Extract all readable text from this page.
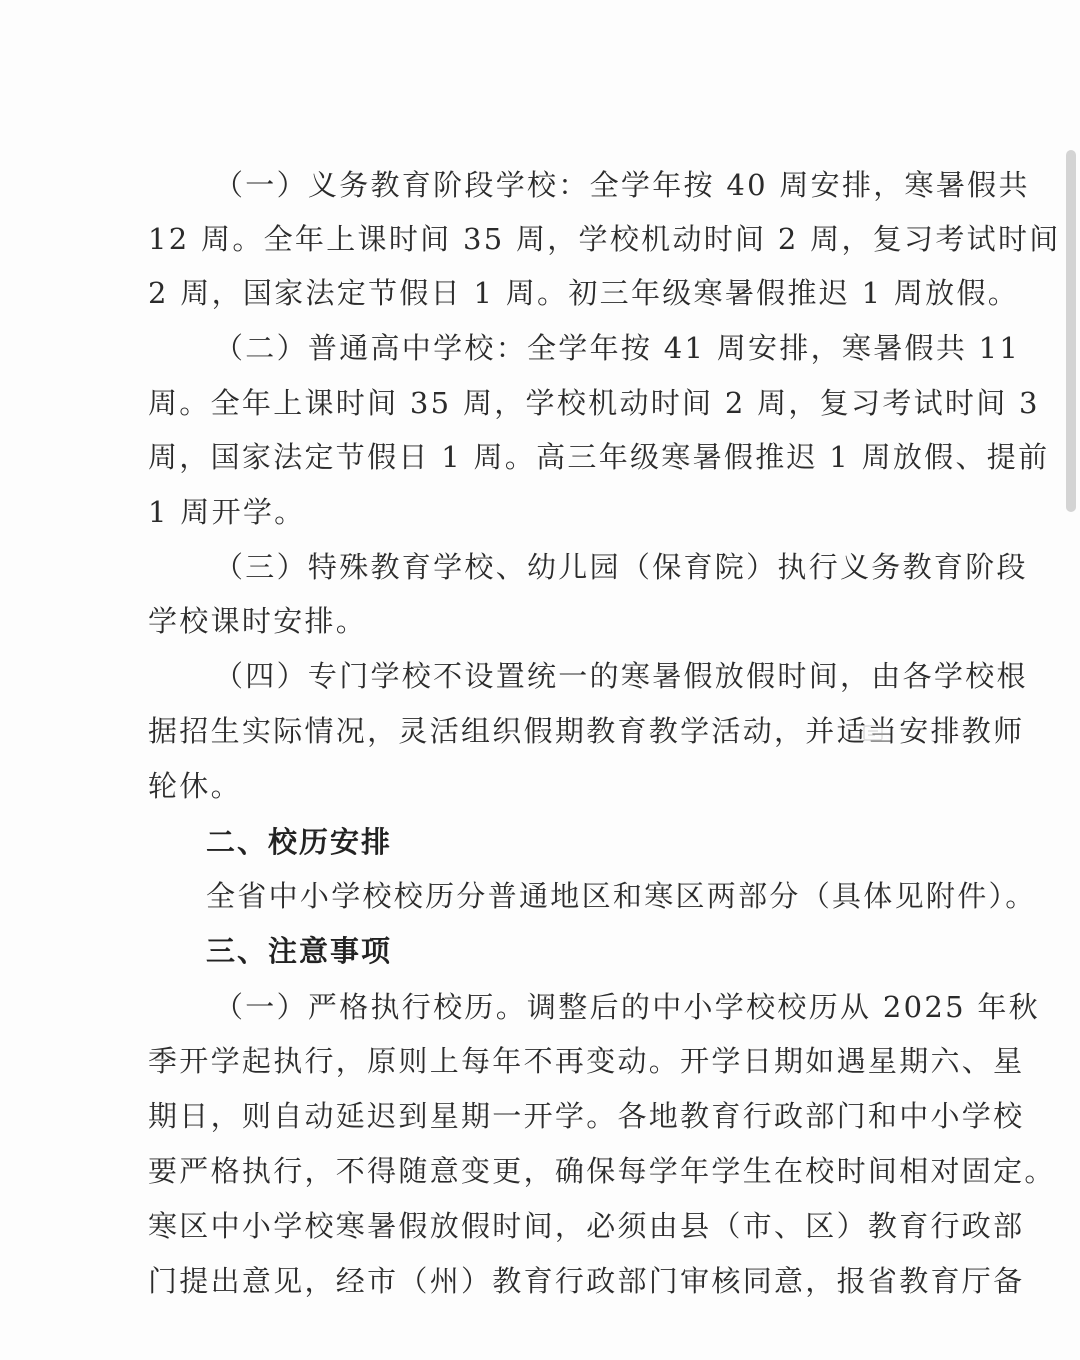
（一）义务教育阶段学校：全学年按 40 周安排，寒暑假共
12 周。全年上课时间 35 周，学校机动时间 2 周，复习考试时间
2 周，国家法定节假日 1 周。初三年级寒暑假推迟 1 周放假。
（二）普通高中学校：全学年按 41 周安排，寒暑假共 11
周。全年上课时间 35 周，学校机动时间 2 周，复习考试时间 3
周，国家法定节假日 1 周。高三年级寒暑假推迟 1 周放假、提前
1 周开学。
（三）特殊教育学校、幼儿园（保育院）执行义务教育阶段
学校课时安排。
（四）专门学校不设置统一的寒暑假放假时间，由各学校根
据招生实际情况，灵活组织假期教育教学活动，并适当安排教师
轮休。
二、校历安排
全省中小学校校历分普通地区和寒区两部分（具体见附件）。
三、注意事项
（一）严格执行校历。调整后的中小学校校历从 2025 年秋
季开学起执行，原则上每年不再变动。开学日期如遇星期六、星
期日，则自动延迟到星期一开学。各地教育行政部门和中小学校
要严格执行，不得随意变更，确保每学年学生在校时间相对固定。
寒区中小学校寒暑假放假时间，必须由县（市、区）教育行政部
门提出意见，经市（州）教育行政部门审核同意，报省教育厅备
